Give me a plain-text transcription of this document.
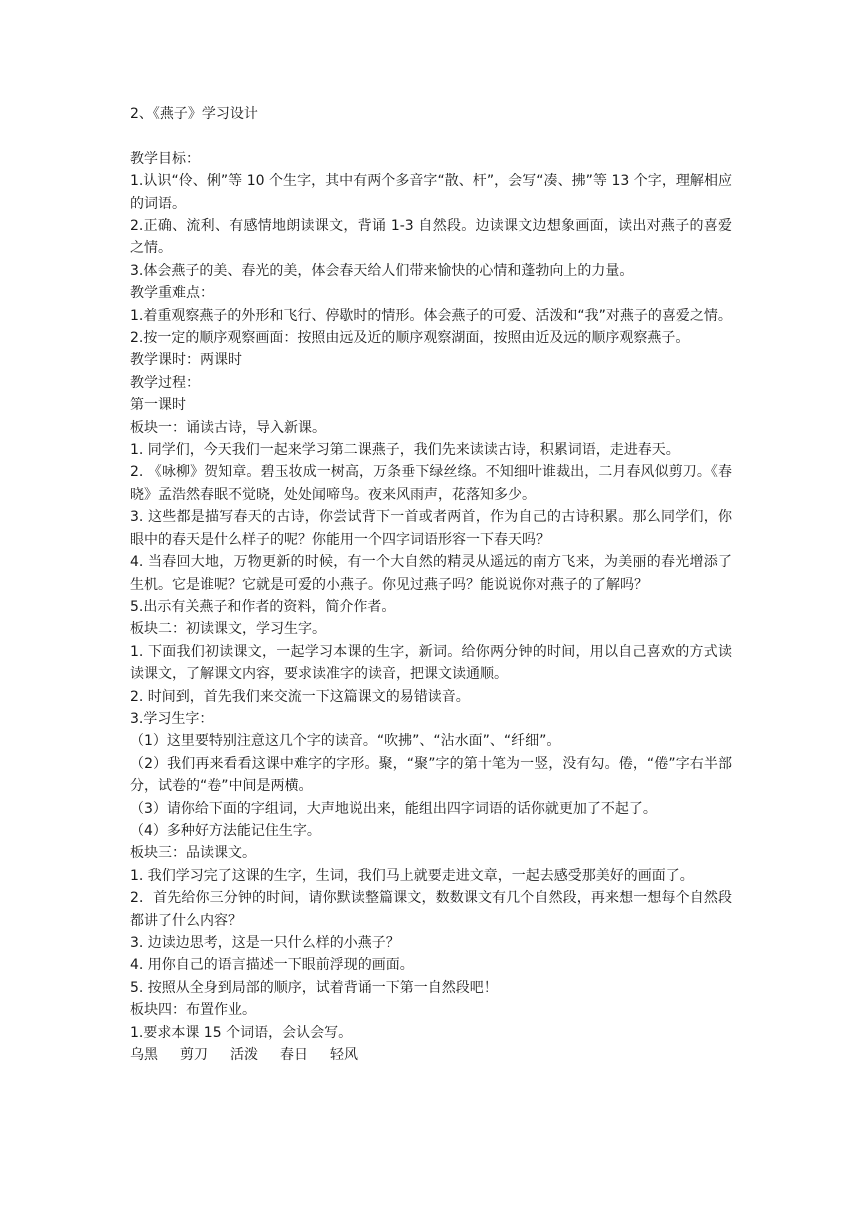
2、《燕子》学习设计

教学目标：

1.认识“伶、俐”等 10 个生字，其中有两个多音字“散、杆”，会写“凑、拂”等 13 个字，理解相应的词语。

2.正确、流利、有感情地朗读课文，背诵 1-3 自然段。边读课文边想象画面，读出对燕子的喜爱之情。

3.体会燕子的美、春光的美，体会春天给人们带来愉快的心情和蓬勃向上的力量。

教学重难点：

1.着重观察燕子的外形和飞行、停歇时的情形。体会燕子的可爱、活泼和“我”对燕子的喜爱之情。

2.按一定的顺序观察画面：按照由远及近的顺序观察湖面，按照由近及远的顺序观察燕子。

教学课时：两课时

教学过程：

第一课时

板块一：诵读古诗，导入新课。

1. 同学们，今天我们一起来学习第二课燕子，我们先来读读古诗，积累词语，走进春天。

2. 《咏柳》贺知章。碧玉妆成一树高，万条垂下绿丝绦。不知细叶谁裁出，二月春风似剪刀。《春晓》孟浩然春眠不觉晓，处处闻啼鸟。夜来风雨声，花落知多少。

3. 这些都是描写春天的古诗，你尝试背下一首或者两首，作为自己的古诗积累。那么同学们，你眼中的春天是什么样子的呢？你能用一个四字词语形容一下春天吗？

4. 当春回大地，万物更新的时候，有一个大自然的精灵从遥远的南方飞来，为美丽的春光增添了生机。它是谁呢？它就是可爱的小燕子。你见过燕子吗？能说说你对燕子的了解吗？

5.出示有关燕子和作者的资料，简介作者。

板块二：初读课文，学习生字。

1. 下面我们初读课文，一起学习本课的生字，新词。给你两分钟的时间，用以自己喜欢的方式读读课文，了解课文内容，要求读准字的读音，把课文读通顺。

2. 时间到，首先我们来交流一下这篇课文的易错读音。

3.学习生字：

（1）这里要特别注意这几个字的读音。“吹拂”、“沾水面”、“纤细”。

（2）我们再来看看这课中难字的字形。聚，“聚”字的第十笔为一竖，没有勾。倦，“倦”字右半部分，试卷的“卷”中间是两横。

（3）请你给下面的字组词，大声地说出来，能组出四字词语的话你就更加了不起了。

（4）多种好方法能记住生字。

板块三：品读课文。

1. 我们学习完了这课的生字，生词，我们马上就要走进文章，一起去感受那美好的画面了。

2．首先给你三分钟的时间，请你默读整篇课文，数数课文有几个自然段，再来想一想每个自然段都讲了什么内容？

3. 边读边思考，这是一只什么样的小燕子？

4. 用你自己的语言描述一下眼前浮现的画面。

5. 按照从全身到局部的顺序，试着背诵一下第一自然段吧！

板块四：布置作业。

1.要求本课 15 个词语，会认会写。

乌黑 剪刀 活泼 春日 轻风
